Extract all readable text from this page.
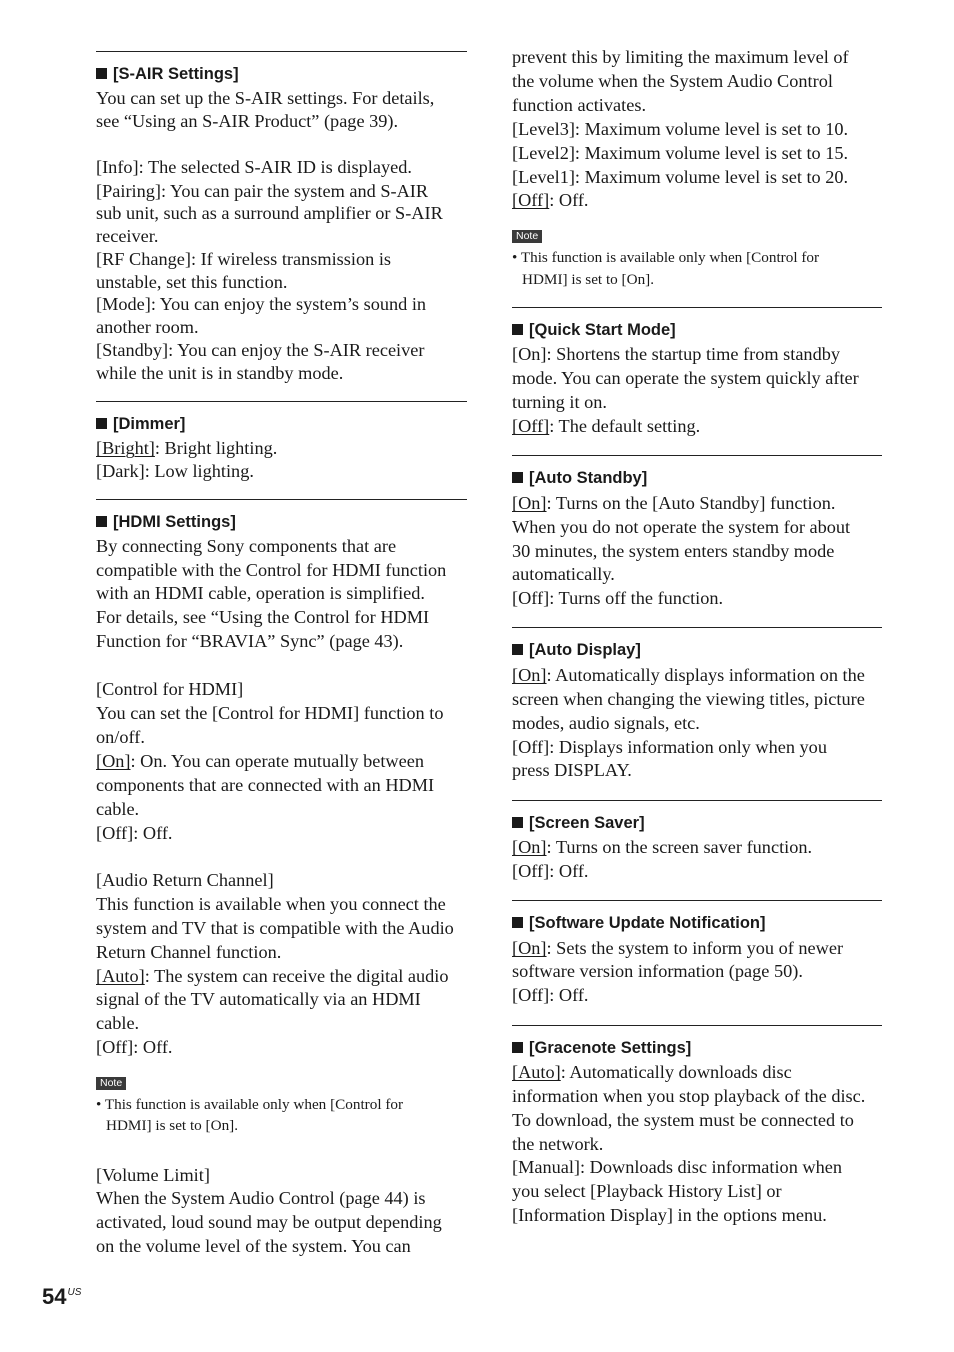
[S-AIR Settings]
You can set up the S-AIR settings. For details,
see “Using an S-AIR Product” (page 39).
[Info]: The selected S-AIR ID is displayed.
[Pairing]: You can pair the system and S-AIR
sub unit, such as a surround amplifier or S-AIR
receiver.
[RF Change]: If wireless transmission is
unstable, set this function.
[Mode]: You can enjoy the system’s sound in
another room.
[Standby]: You can enjoy the S-AIR receiver
while the unit is in standby mode.
[Dimmer]
[Bright]: Bright lighting.
[Dark]: Low lighting.
[HDMI Settings]
By connecting Sony components that are
compatible with the Control for HDMI function
with an HDMI cable, operation is simplified.
For details, see “Using the Control for HDMI
Function for “BRAVIA” Sync” (page 43).
[Control for HDMI]
You can set the [Control for HDMI] function to
on/off.
[On]: On. You can operate mutually between
components that are connected with an HDMI
cable.
[Off]: Off.
[Audio Return Channel]
This function is available when you connect the
system and TV that is compatible with the Audio
Return Channel function.
[Auto]: The system can receive the digital audio
signal of the TV automatically via an HDMI
cable.
[Off]: Off.
Note
• This function is available only when [Control for
HDMI] is set to [On].
[Volume Limit]
When the System Audio Control (page 44) is
activated, loud sound may be output depending
on the volume level of the system. You can
prevent this by limiting the maximum level of
the volume when the System Audio Control
function activates.
[Level3]: Maximum volume level is set to 10.
[Level2]: Maximum volume level is set to 15.
[Level1]: Maximum volume level is set to 20.
[Off]: Off.
Note
• This function is available only when [Control for
HDMI] is set to [On].
[Quick Start Mode]
[On]: Shortens the startup time from standby
mode. You can operate the system quickly after
turning it on.
[Off]: The default setting.
[Auto Standby]
[On]: Turns on the [Auto Standby] function.
When you do not operate the system for about
30 minutes, the system enters standby mode
automatically.
[Off]: Turns off the function.
[Auto Display]
[On]: Automatically displays information on the
screen when changing the viewing titles, picture
modes, audio signals, etc.
[Off]: Displays information only when you
press DISPLAY.
[Screen Saver]
[On]: Turns on the screen saver function.
[Off]: Off.
[Software Update Notification]
[On]: Sets the system to inform you of newer
software version information (page 50).
[Off]: Off.
[Gracenote Settings]
[Auto]: Automatically downloads disc
information when you stop playback of the disc.
To download, the system must be connected to
the network.
[Manual]: Downloads disc information when
you select [Playback History List] or
[Information Display] in the options menu.
$54^{US}$
